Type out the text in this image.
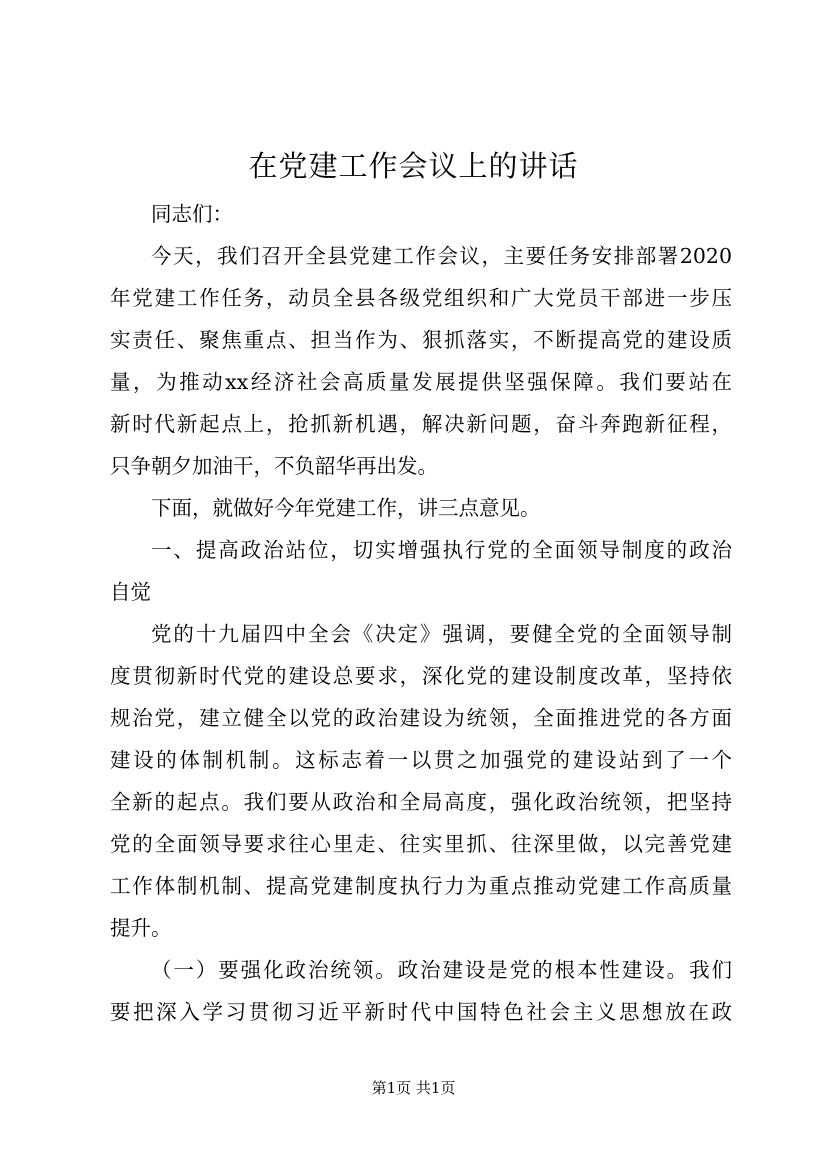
在党建工作会议上的讲话

同志们：

今天，我们召开全县党建工作会议，主要任务安排部署2020

年党建工作任务，动员全县各级党组织和广大党员干部进一步压

实责任、聚焦重点、担当作为、狠抓落实，不断提高党的建设质

量，为推动xx经济社会高质量发展提供坚强保障。我们要站在

新时代新起点上，抢抓新机遇，解决新问题，奋斗奔跑新征程，

只争朝夕加油干，不负韶华再出发。

下面，就做好今年党建工作，讲三点意见。

一、提高政治站位，切实增强执行党的全面领导制度的政治

自觉

党的十九届四中全会《决定》强调，要健全党的全面领导制

度贯彻新时代党的建设总要求，深化党的建设制度改革，坚持依

规治党，建立健全以党的政治建设为统领，全面推进党的各方面

建设的体制机制。这标志着一以贯之加强党的建设站到了一个

全新的起点。我们要从政治和全局高度，强化政治统领，把坚持

党的全面领导要求往心里走、往实里抓、往深里做，以完善党建

工作体制机制、提高党建制度执行力为重点推动党建工作高质量

提升。

（一）要强化政治统领。政治建设是党的根本性建设。我们

要把深入学习贯彻习近平新时代中国特色社会主义思想放在政

第1页 共1页
